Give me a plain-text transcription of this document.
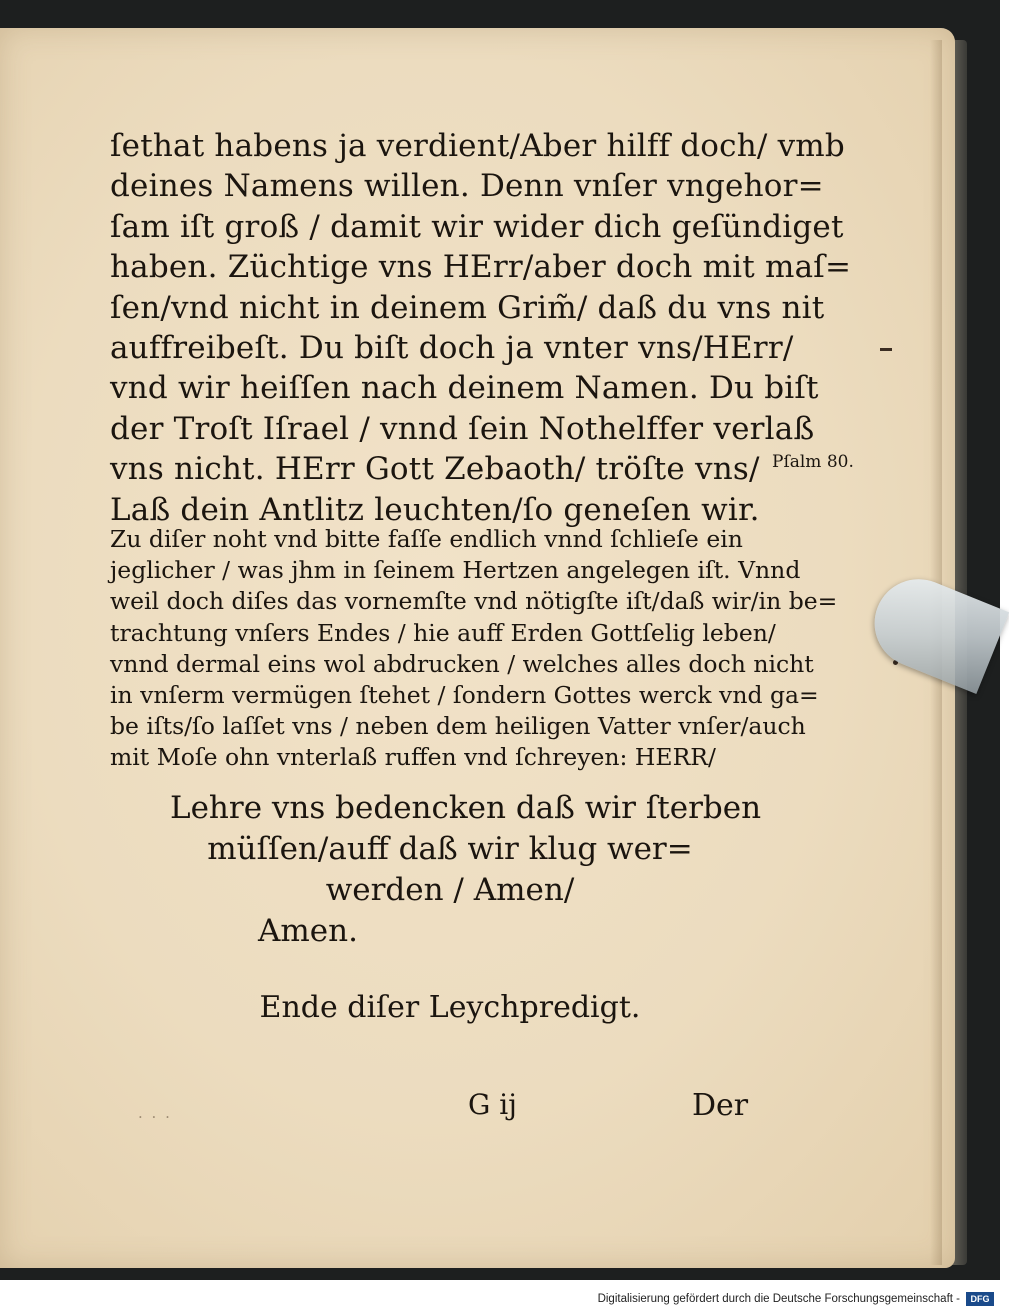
ſethat habens ja verdient/Aber hilff doch/ vmb
deines Namens willen. Denn vnſer vngehor=
ſam iſt groß / damit wir wider dich geſündiget
haben. Züchtige vns HErr/aber doch mit maſ=
ſen/vnd nicht in deinem Grim̃/ daß du vns nit
auffreibeſt. Du biſt doch ja vnter vns/HErr/
vnd wir heiſſen nach deinem Namen. Du biſt
der Troſt Iſrael / vnnd ſein Nothelffer verlaß
vns nicht. HErr Gott Zebaoth/ tröſte vns/
Laß dein Antlitz leuchten/ſo geneſen wir.
Pſalm 80.
Zu diſer noht vnd bitte faſſe endlich vnnd ſchlieſe ein
jeglicher / was jhm in ſeinem Hertzen angelegen iſt. Vnnd
weil doch diſes das vornemſte vnd nötigſte iſt/daß wir/in be=
trachtung vnſers Endes / hie auff Erden Gottſelig leben/
vnnd dermal eins wol abdrucken / welches alles doch nicht
in vnſerm vermügen ſtehet / ſondern Gottes werck vnd ga=
be iſts/ſo laſſet vns / neben dem heiligen Vatter vnſer/auch
mit Moſe ohn vnterlaß ruffen vnd ſchreyen: HERR/
Lehre vns bedencken daß wir ſterben
müſſen/auff daß wir klug wer=
werden / Amen/
Amen.
Ende diſer Leychpredigt.
· · ·	G ij	Der
Digitalisierung gefördert durch die Deutsche Forschungsgemeinschaft -	DFG
